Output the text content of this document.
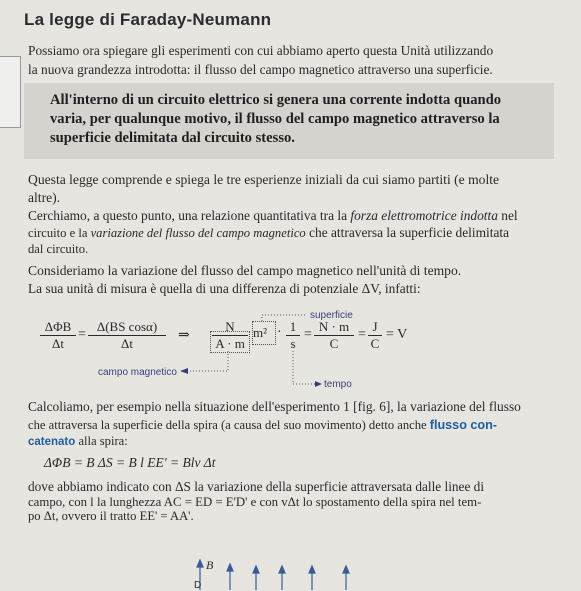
La legge di Faraday-Neumann
Possiamo ora spiegare gli esperimenti con cui abbiamo aperto questa Unità utilizzando
la nuova grandezza introdotta: il flusso del campo magnetico attraverso una superficie.
All'interno di un circuito elettrico si genera una corrente indotta quando varia, per qualunque motivo, il flusso del campo magnetico attraverso la superficie delimitata dal circuito stesso.
Questa legge comprende e spiega le tre esperienze iniziali da cui siamo partiti (e molte
altre).
Cerchiamo, a questo punto, una relazione quantitativa tra la forza elettromotrice indotta nel
circuito e la variazione del flusso del campo magnetico che attraversa la superficie delimitata
dal circuito.
Consideriamo la variazione del flusso del campo magnetico nell'unità di tempo.
La sua unità di misura è quella di una differenza di potenziale ΔV, infatti:
ΔΦB
Δt
=
Δ(BS cosα)
Δt
⇒
N
A · m
m² · 1
s
=
N · m
C
=
J
C
= V
superficie
campo magnetico
tempo
Calcoliamo, per esempio nella situazione dell'esperimento 1 [fig. 6], la variazione del flusso
che attraversa la superficie della spira (a causa del suo movimento) detto anche flusso con-
catenato alla spira:
ΔΦB = B ΔS = B l EE' = Blv Δt
dove abbiamo indicato con ΔS la variazione della superficie attraversata dalle linee di
campo, con l la lunghezza AC = ED = E'D' e con vΔt lo spostamento della spira nel tem-
po Δt, ovvero il tratto EE' = AA'.
B
D
